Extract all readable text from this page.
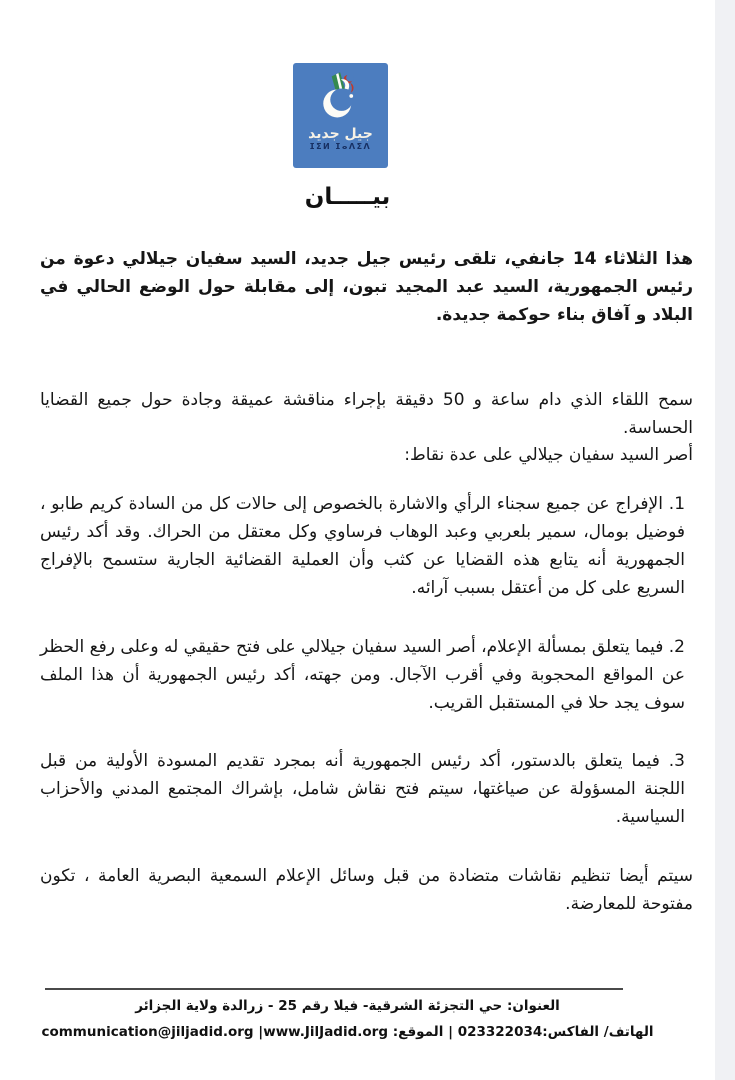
جيل جديد
ⵊⵉⵍ ⵊⴰⴷⵉⴷ
بيـــــان

هذا الثلاثاء 14 جانفي، تلقى رئيس جيل جديد، السيد سفيان جيلالي دعوة من رئيس الجمهورية، السيد عبد المجيد تبون، إلى مقابلة حول الوضع الحالي في البلاد و آفاق بناء حوكمة جديدة.

سمح اللقاء الذي دام ساعة و 50 دقيقة بإجراء مناقشة عميقة وجادة حول جميع القضايا الحساسة.

أصر السيد سفيان جيلالي على عدة نقاط:

1. الإفراج عن جميع سجناء الرأي والاشارة بالخصوص إلى حالات كل من السادة كريم طابو ، فوضيل بومال، سمير بلعربي وعبد الوهاب فرساوي وكل معتقل من الحراك. وقد أكد رئيس الجمهورية أنه يتابع هذه القضايا عن كثب وأن العملية القضائية الجارية ستسمح بالإفراج السريع على كل من أعتقل بسبب آرائه.
2. فيما يتعلق بمسألة الإعلام، أصر السيد سفيان جيلالي على فتح حقيقي له وعلى رفع الحظر عن المواقع المحجوبة وفي أقرب الآجال. ومن جهته، أكد رئيس الجمهورية أن هذا الملف سوف يجد حلا في المستقبل القريب.
3. فيما يتعلق بالدستور، أكد رئيس الجمهورية أنه بمجرد تقديم المسودة الأولية من قبل اللجنة المسؤولة عن صياغتها، سيتم فتح نقاش شامل، بإشراك المجتمع المدني والأحزاب السياسية.

سيتم أيضا تنظيم نقاشات متضادة من قبل وسائل الإعلام السمعية البصرية العامة ، تكون مفتوحة للمعارضة.

العنوان: حي التجزئة الشرقية- فيلا رقم 25 - زرالدة ولاية الجزائر
الهاتف/ الفاكس:023322034 | الموقع: communication@jiljadid.org |www.JilJadid.org
